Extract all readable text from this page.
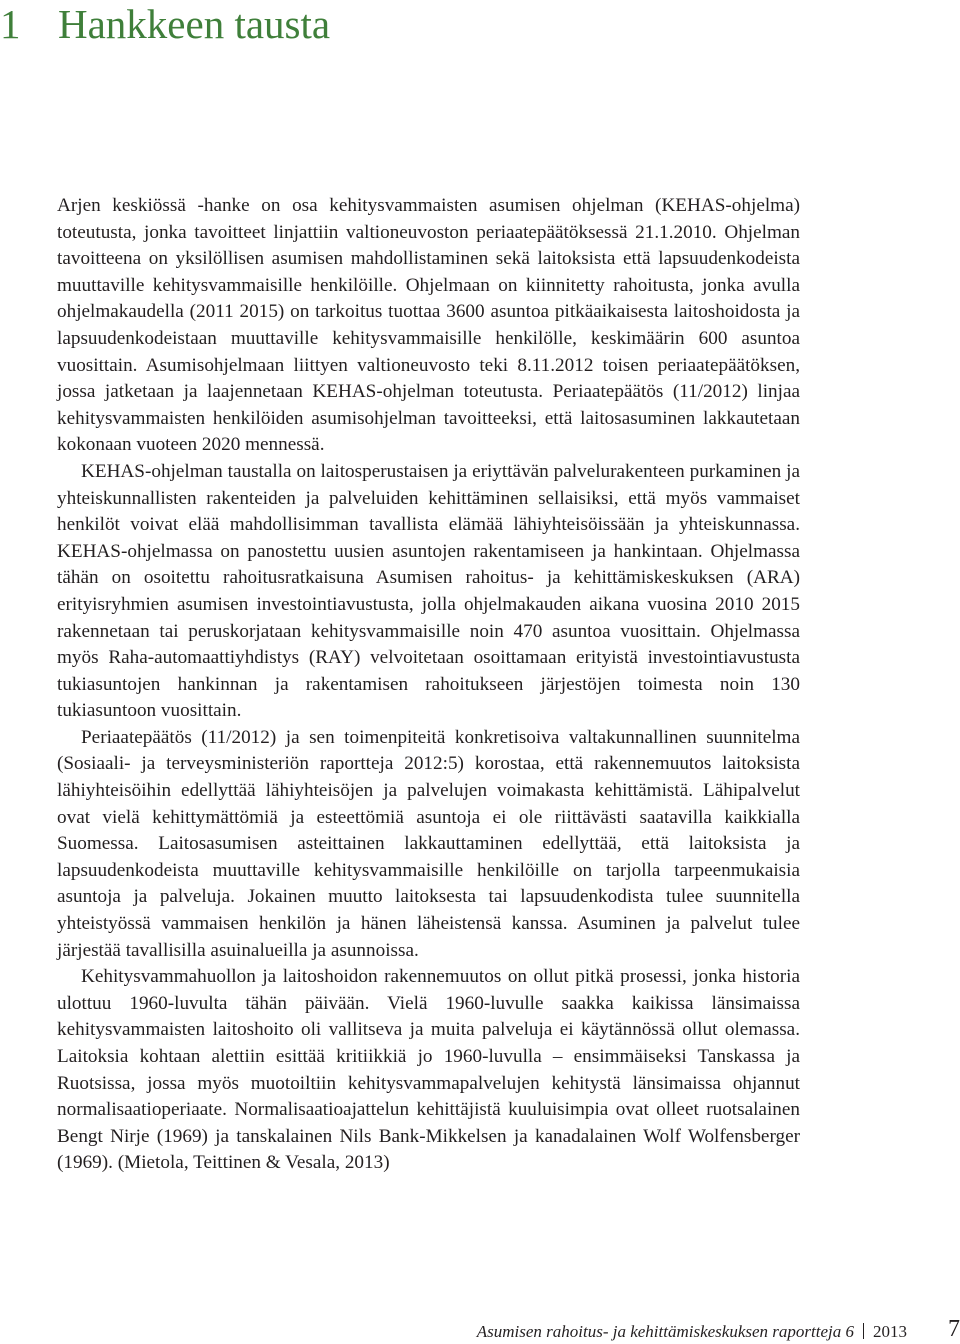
1 Hankkeen tausta

Arjen keskiössä -hanke on osa kehitysvammaisten asumisen ohjelman (KEHAS-ohjelma) toteutusta, jonka tavoitteet linjattiin valtioneuvoston periaatepäätöksessä 21.1.2010. Ohjelman tavoitteena on yksilöllisen asumisen mahdollistaminen sekä laitoksista että lapsuudenkodeista muuttaville kehitysvammaisille henkilöille. Ohjelmaan on kiinnitetty rahoitusta, jonka avulla ohjelmakaudella (2011 2015) on tarkoitus tuottaa 3600 asuntoa pitkäaikaisesta laitoshoidosta ja lapsuudenkodeistaan muuttaville kehitysvammaisille henkilölle, keskimäärin 600 asuntoa vuosittain. Asumisohjelmaan liittyen valtioneuvosto teki 8.11.2012 toisen periaatepäätöksen, jossa jatketaan ja laajennetaan KEHAS-ohjelman toteutusta. Periaatepäätös (11/2012) linjaa kehitysvammaisten henkilöiden asumisohjelman tavoitteeksi, että laitosasuminen lakkautetaan kokonaan vuoteen 2020 mennessä.

KEHAS-ohjelman taustalla on laitosperustaisen ja eriyttävän palvelurakenteen purkaminen ja yhteiskunnallisten rakenteiden ja palveluiden kehittäminen sellaisiksi, että myös vammaiset henkilöt voivat elää mahdollisimman tavallista elämää lähiyhteisöissään ja yhteiskunnassa. KEHAS-ohjelmassa on panostettu uusien asuntojen rakentamiseen ja hankintaan. Ohjelmassa tähän on osoitettu rahoitusratkaisuna Asumisen rahoitus- ja kehittämiskeskuksen (ARA) erityisryhmien asumisen investointiavustusta, jolla ohjelmakauden aikana vuosina 2010 2015 rakennetaan tai peruskorjataan kehitysvammaisille noin 470 asuntoa vuosittain. Ohjelmassa myös Raha-automaattiyhdistys (RAY) velvoitetaan osoittamaan erityistä investointiavustusta tukiasuntojen hankinnan ja rakentamisen rahoitukseen järjestöjen toimesta noin 130 tukiasuntoon vuosittain.

Periaatepäätös (11/2012) ja sen toimenpiteitä konkretisoiva valtakunnallinen suunnitelma (Sosiaali- ja terveysministeriön raportteja 2012:5) korostaa, että rakennemuutos laitoksista lähiyhteisöihin edellyttää lähiyhteisöjen ja palvelujen voimakasta kehittämistä. Lähipalvelut ovat vielä kehittymättömiä ja esteettömiä asuntoja ei ole riittävästi saatavilla kaikkialla Suomessa. Laitosasumisen asteittainen lakkauttaminen edellyttää, että laitoksista ja lapsuudenkodeista muuttaville kehitysvammaisille henkilöille on tarjolla tarpeenmukaisia asuntoja ja palveluja. Jokainen muutto laitoksesta tai lapsuudenkodista tulee suunnitella yhteistyössä vammaisen henkilön ja hänen läheistensä kanssa. Asuminen ja palvelut tulee järjestää tavallisilla asuinalueilla ja asunnoissa.

Kehitysvammahuollon ja laitoshoidon rakennemuutos on ollut pitkä prosessi, jonka historia ulottuu 1960-luvulta tähän päivään. Vielä 1960-luvulle saakka kaikissa länsimaissa kehitysvammaisten laitoshoito oli vallitseva ja muita palveluja ei käytännössä ollut olemassa. Laitoksia kohtaan alettiin esittää kritiikkiä jo 1960-luvulla – ensimmäiseksi Tanskassa ja Ruotsissa, jossa myös muotoiltiin kehitysvammapalvelujen kehitystä länsimaissa ohjannut normalisaatioperiaate. Normalisaatioajattelun kehittäjistä kuuluisimpia ovat olleet ruotsalainen Bengt Nirje (1969) ja tanskalainen Nils Bank-Mikkelsen ja kanadalainen Wolf Wolfensberger (1969). (Mietola, Teittinen & Vesala, 2013)

Asumisen rahoitus- ja kehittämiskeskuksen raportteja 6 2013 7
